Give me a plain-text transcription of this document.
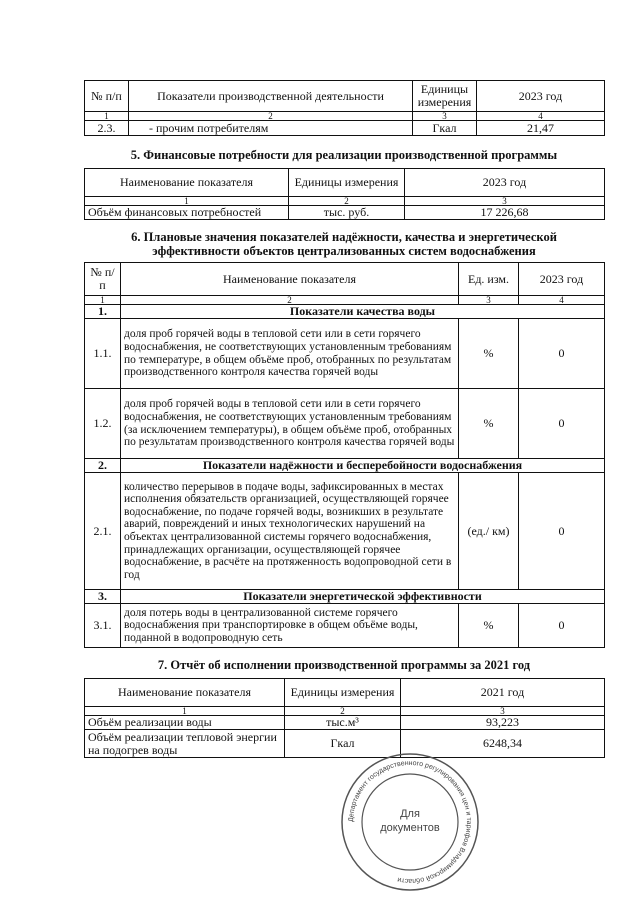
№ п/п	Показатели производственной деятельности	Единицы измерения	2023 год
1	2	3	4
2.3.	- прочим потребителям	Гкал	21,47
5. Финансовые потребности для реализации производственной программы
Наименование показателя	Единицы измерения	2023 год
1	2	3
Объём финансовых потребностей	тыс. руб.	17 226,68
6. Плановые значения показателей надёжности, качества и энергетической
эффективности объектов централизованных систем водоснабжения
№ п/п	Наименование показателя	Ед. изм.	2023 год
1	2	3	4
1.	Показатели качества воды		
1.1.	доля проб горячей воды в тепловой сети или в сети горячего водоснабжения, не соответствующих установленным требованиям по температуре, в общем объёме проб, отобранных по результатам производственного контроля качества горячей воды	%	0
1.2.	доля проб горячей воды в тепловой сети или в сети горячего водоснабжения, не соответствующих установленным требованиям (за исключением температуры), в общем объёме проб, отобранных по результатам производственного контроля качества горячей воды	%	0
2.	Показатели надёжности и бесперебойности водоснабжения		
2.1.	количество перерывов в подаче воды, зафиксированных в местах исполнения обязательств организацией, осуществляющей горячее водоснабжение, по подаче горячей воды, возникших в результате аварий, повреждений и иных технологических нарушений на объектах централизованной системы горячего водоснабжения, принадлежащих организации, осуществляющей горячее водоснабжение, в расчёте на протяженность водопроводной сети в год	(ед./ км)	0
3.	Показатели энергетической эффективности		
3.1.	доля потерь воды в централизованной системе горячего водоснабжения при транспортировке в общем объёме воды, поданной в водопроводную сеть	%	0
7. Отчёт об исполнении производственной программы за 2021 год
Наименование показателя	Единицы измерения	2021 год
1	2	3
Объём реализации воды	тыс.м³	93,223
Объём реализации тепловой энергии на подогрев воды	Гкал	6248,34
Департамент государственного регулирования цен и тарифов Владимирской области
Для
документов
